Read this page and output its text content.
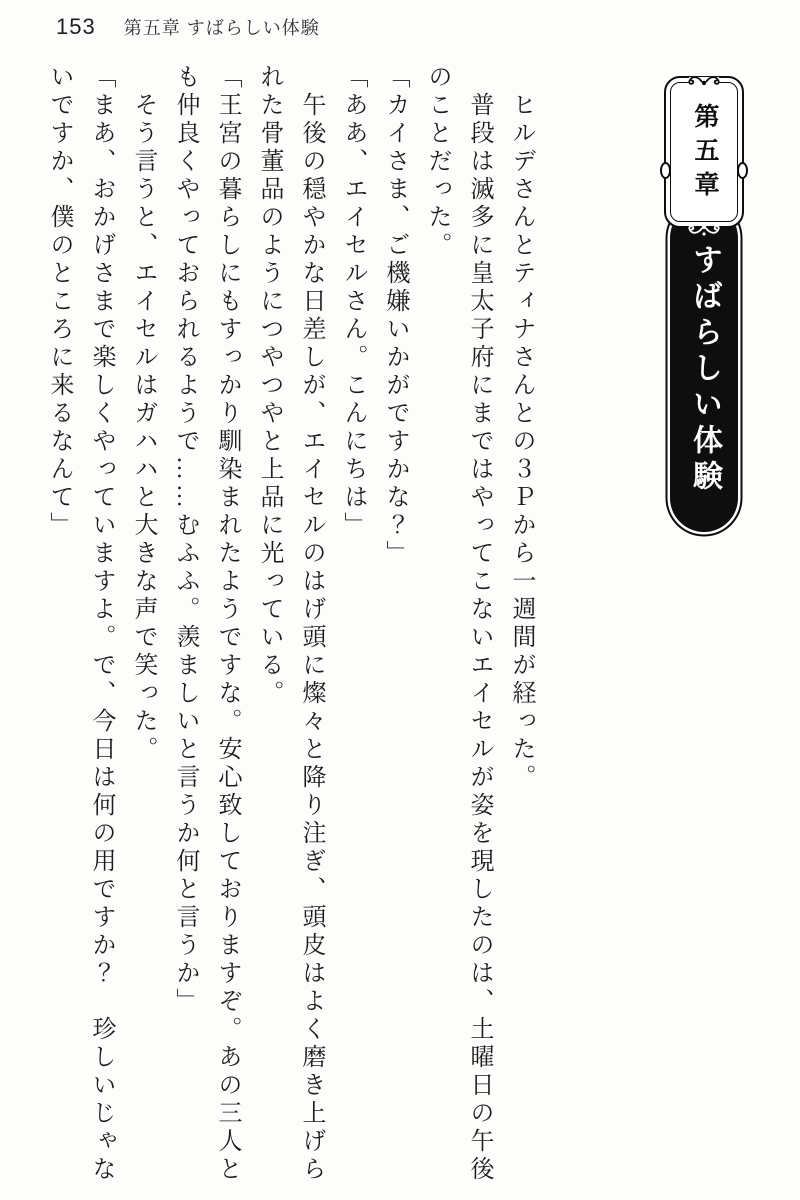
153 第五章 すばらしい体験
すばらしい体験
第五章

　ヒルデさんとティナさんとの３Ｐから一週間が経った。

　普段は滅多に皇太子府にまではやってこないエイセルが姿を現したのは、土曜日の午後

のことだった。

「カイさま、ご機嫌いかがですかな？」

「ああ、エイセルさん。こんにちは」

　午後の穏やかな日差しが、エイセルのはげ頭に燦々と降り注ぎ、頭皮はよく磨き上げら

れた骨董品のようにつやつやと上品に光っている。

「王宮の暮らしにもすっかり馴染まれたようですな。安心致しておりますぞ。あの三人と

も仲良くやっておられるようで……むふふ。羨ましいと言うか何と言うか」

　そう言うと、エイセルはガハハと大きな声で笑った。

「まあ、おかげさまで楽しくやっていますよ。で、今日は何の用ですか？　珍しいじゃな

いですか、僕のところに来るなんて」
